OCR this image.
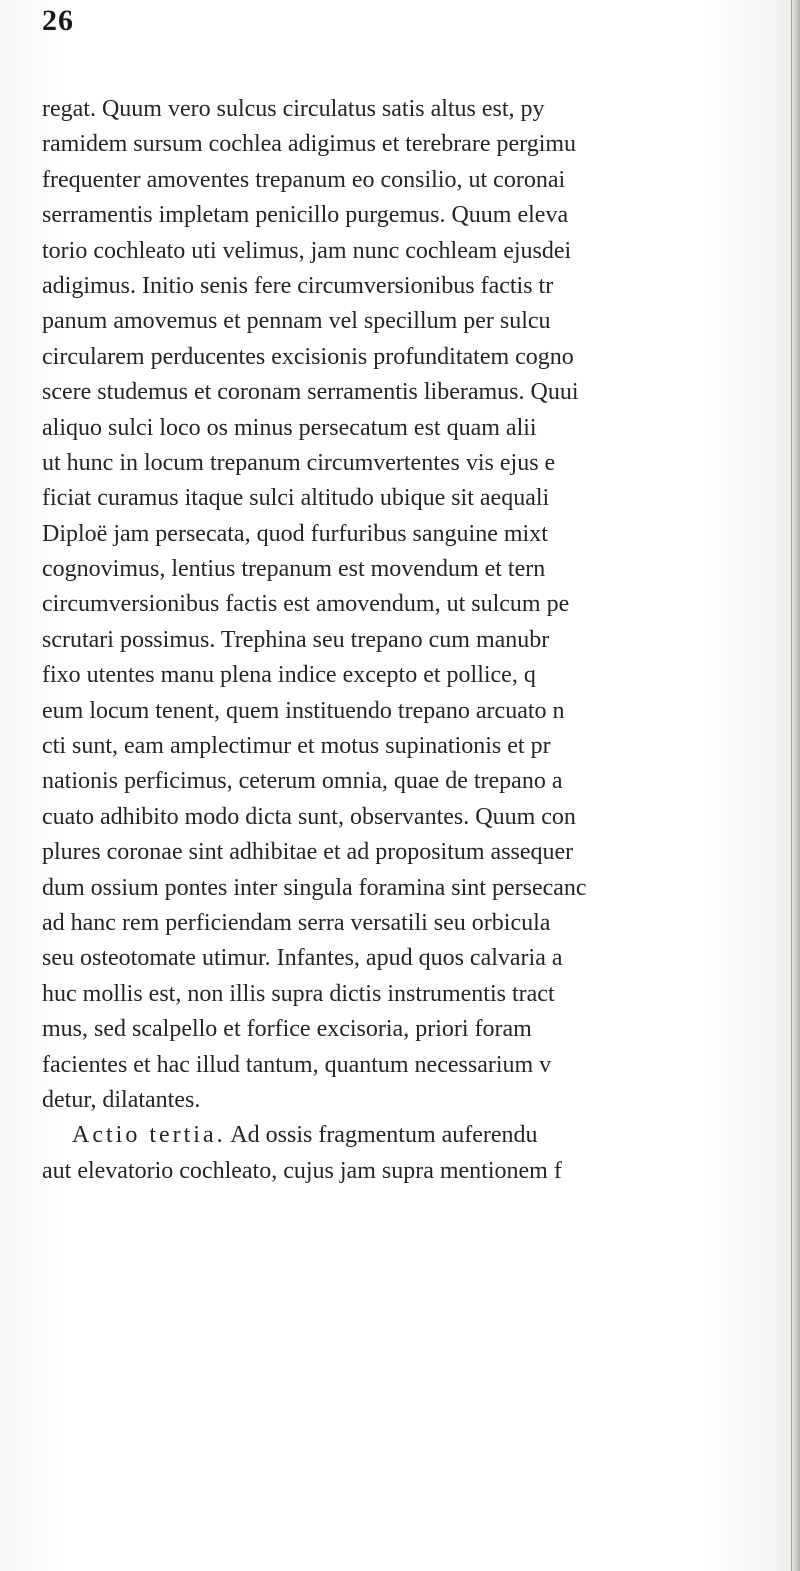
26
regat. Quum vero sulcus circulatus satis altus est, py
ramidem sursum cochlea adigimus et terebrare pergimu
frequenter amoventes trepanum eo consilio, ut coronai
serramentis impletam penicillo purgemus. Quum eleva
torio cochleato uti velimus, jam nunc cochleam ejusdei
adigimus. Initio senis fere circumversionibus factis tr
panum amovemus et pennam vel specillum per sulcu
circularem perducentes excisionis profunditatem cogno
scere studemus et coronam serramentis liberamus. Quui
aliquo sulci loco os minus persecatum est quam alii
ut hunc in locum trepanum circumvertentes vis ejus e
ficiat curamus itaque sulci altitudo ubique sit aequali
Diploë jam persecata, quod furfuribus sanguine mixt
cognovimus, lentius trepanum est movendum et tern
circumversionibus factis est amovendum, ut sulcum pe
scrutari possimus. Trephina seu trepano cum manubr
fixo utentes manu plena indice excepto et pollice, q
eum locum tenent, quem instituendo trepano arcuato n
cti sunt, eam amplectimur et motus supinationis et pr
nationis perficimus, ceterum omnia, quae de trepano a
cuato adhibito modo dicta sunt, observantes. Quum con
plures coronae sint adhibitae et ad propositum assequer
dum ossium pontes inter singula foramina sint persecanc
ad hanc rem perficiendam serra versatili seu orbicula
seu osteotomate utimur. Infantes, apud quos calvaria a
huc mollis est, non illis supra dictis instrumentis tract
mus, sed scalpello et forfice excisoria, priori foram
facientes et hac illud tantum, quantum necessarium v
detur, dilatantes.
Actio tertia. Ad ossis fragmentum auferendu
aut elevatorio cochleato, cujus jam supra mentionem f
